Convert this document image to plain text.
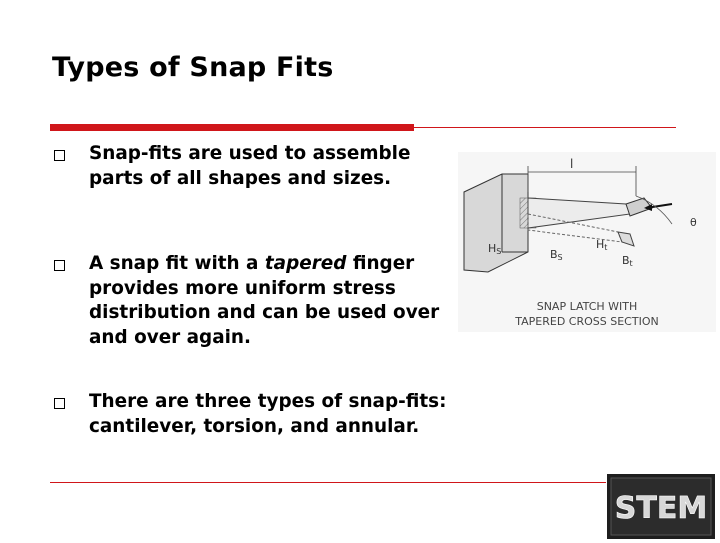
Types of Snap Fits
Snap-fits are used to assemble parts of all shapes and sizes.
A snap fit with a tapered finger provides more uniform stress distribution and can be used over and over again.
There are three types of snap-fits: cantilever, torsion, and annular.
l
θ
HS	BS
Ht
Bt
SNAP LATCH WITH
TAPERED CROSS SECTION
STEM
